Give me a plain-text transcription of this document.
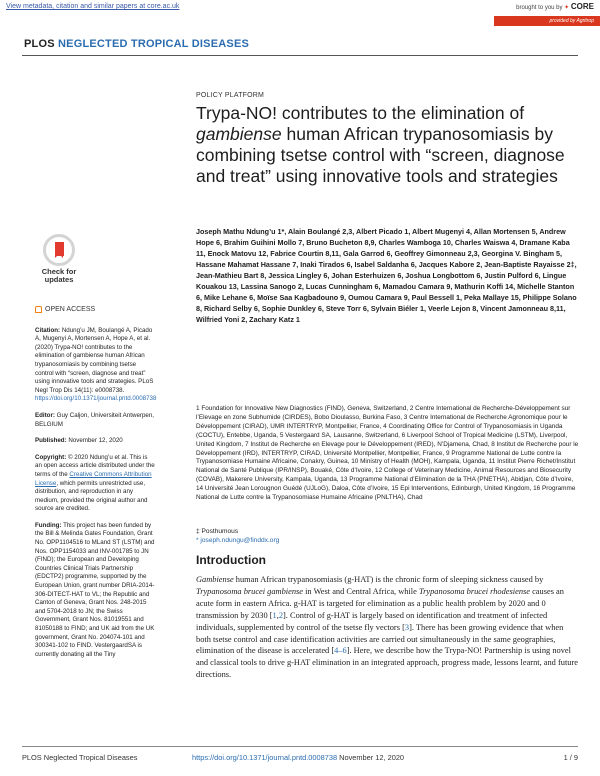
View metadata, citation and similar papers at core.ac.uk	brought to you by ✦ CORE
provided by Agritrop
PLOS NEGLECTED TROPICAL DISEASES
POLICY PLATFORM
Trypa-NO! contributes to the elimination of gambiense human African trypanosomiasis by combining tsetse control with “screen, diagnose and treat” using innovative tools and strategies
Joseph Mathu Ndung’u 1*, Alain Boulangé 2,3, Albert Picado 1, Albert Mugenyi 4, Allan Mortensen 5, Andrew Hope 6, Brahim Guihini Mollo 7, Bruno Bucheton 8,9, Charles Wamboga 10, Charles Waiswa 4, Dramane Kaba 11, Enock Matovu 12, Fabrice Courtin 8,11, Gala Garrod 6, Geoffrey Gimonneau 2,3, Georgina V. Bingham 5, Hassane Mahamat Hassane 7, Inaki Tirados 6, Isabel Saldanha 6, Jacques Kabore 2, Jean-Baptiste Rayaisse 2‡, Jean-Mathieu Bart 8, Jessica Lingley 6, Johan Esterhuizen 6, Joshua Longbottom 6, Justin Pulford 6, Lingue Kouakou 13, Lassina Sanogo 2, Lucas Cunningham 6, Mamadou Camara 9, Mathurin Koffi 14, Michelle Stanton 6, Mike Lehane 6, Moïse Saa Kagbadouno 9, Oumou Camara 9, Paul Bessell 1, Peka Mallaye 15, Philippe Solano 8, Richard Selby 6, Sophie Dunkley 6, Steve Torr 6, Sylvain Biéler 1, Veerle Lejon 8, Vincent Jamonneau 8,11, Wilfried Yoni 2, Zachary Katz 1
1 Foundation for Innovative New Diagnostics (FIND), Geneva, Switzerland, 2 Centre International de Recherche-Développement sur l’Elevage en zone Subhumide (CIRDES), Bobo Dioulasso, Burkina Faso, 3 Centre International de Recherche Agronomique pour le Développement (CIRAD), UMR INTERTRYP, Montpellier, France, 4 Coordinating Office for Control of Trypanosomiasis in Uganda (COCTU), Entebbe, Uganda, 5 Vestergaard SA, Lausanne, Switzerland, 6 Liverpool School of Tropical Medicine (LSTM), Liverpool, United Kingdom, 7 Institut de Recherche en Elevage pour le Développement (IRED), N’Djamena, Chad, 8 Institut de Recherche pour le Développement (IRD), INTERTRYP, CIRAD, Université Montpellier, Montpellier, France, 9 Programme National de Lutte contre la Trypanosomiase Humaine Africaine, Conakry, Guinea, 10 Ministry of Health (MOH), Kampala, Uganda, 11 Institut Pierre Richet/Institut National de Santé Publique (IPR/INSP), Bouaké, Côte d’Ivoire, 12 College of Veterinary Medicine, Animal Resources and Biosecurity (COVAB), Makerere University, Kampala, Uganda, 13 Programme National d’Elimination de la THA (PNETHA), Abidjan, Côte d’Ivoire, 14 Université Jean Lorougnon Guédé (UJLoG), Daloa, Côte d’Ivoire, 15 Epi Interventions, Edinburgh, United Kingdom, 16 Programme National de Lutte contre la Trypanosomiase Humaine Africaine (PNLTHA), Chad
‡ Posthumous
* joseph.ndungu@finddx.org
Introduction
Gambiense human African trypanosomiasis (g-HAT) is the chronic form of sleeping sickness caused by Trypanosoma brucei gambiense in West and Central Africa, while Trypanosoma brucei rhodesiense causes an acute form in eastern Africa. g-HAT is targeted for elimination as a public health problem by 2020 and 0 transmission by 2030 [1,2]. Control of g-HAT is largely based on identification and treatment of infected individuals, supplemented by control of the tsetse fly vectors [3]. There has been growing evidence that when both tsetse control and case identification activities are carried out simultaneously in the same geographies, elimination of the disease is accelerated [4–6]. Here, we describe how the Trypa-NO! Partnership is using novel and classical tools to drive g-HAT elimination in an integrated approach, progress made, lessons learnt, and future directions.
Check for
updates
OPEN ACCESS
Citation: Ndung’u JM, Boulangé A, Picado A, Mugenyi A, Mortensen A, Hope A, et al. (2020) Trypa-NO! contributes to the elimination of gambiense human African trypanosomiasis by combining tsetse control with “screen, diagnose and treat” using innovative tools and strategies. PLoS Negl Trop Dis 14(11): e0008738. https://doi.org/10.1371/journal.pntd.0008738
Editor: Guy Caljon, Universiteit Antwerpen, BELGIUM
Published: November 12, 2020
Copyright: © 2020 Ndung’u et al. This is an open access article distributed under the terms of the Creative Commons Attribution License, which permits unrestricted use, distribution, and reproduction in any medium, provided the original author and source are credited.
Funding: This project has been funded by the Bill & Melinda Gates Foundation, Grant No. OPP1104516 to MLand ST (LSTM) and Nos. OPP1154033 and INV-001785 to JN (FIND); the European and Developing Countries Clinical Trials Partnership (EDCTP2) programme, supported by the European Union, grant number DRIA-2014-306-DITECT-HAT to VL; the Republic and Canton of Geneva, Grant Nos. 248-2015 and 5704-2018 to JN; the Swiss Government, Grant Nos. 81019551 and 81050188 to FIND; and UK aid from the UK government, Grant No. 204074-101 and 300341-102 to FIND. VestergaardSA is currently donating all the Tiny
PLOS Neglected Tropical Diseases	https://doi.org/10.1371/journal.pntd.0008738 November 12, 2020	1 / 9
